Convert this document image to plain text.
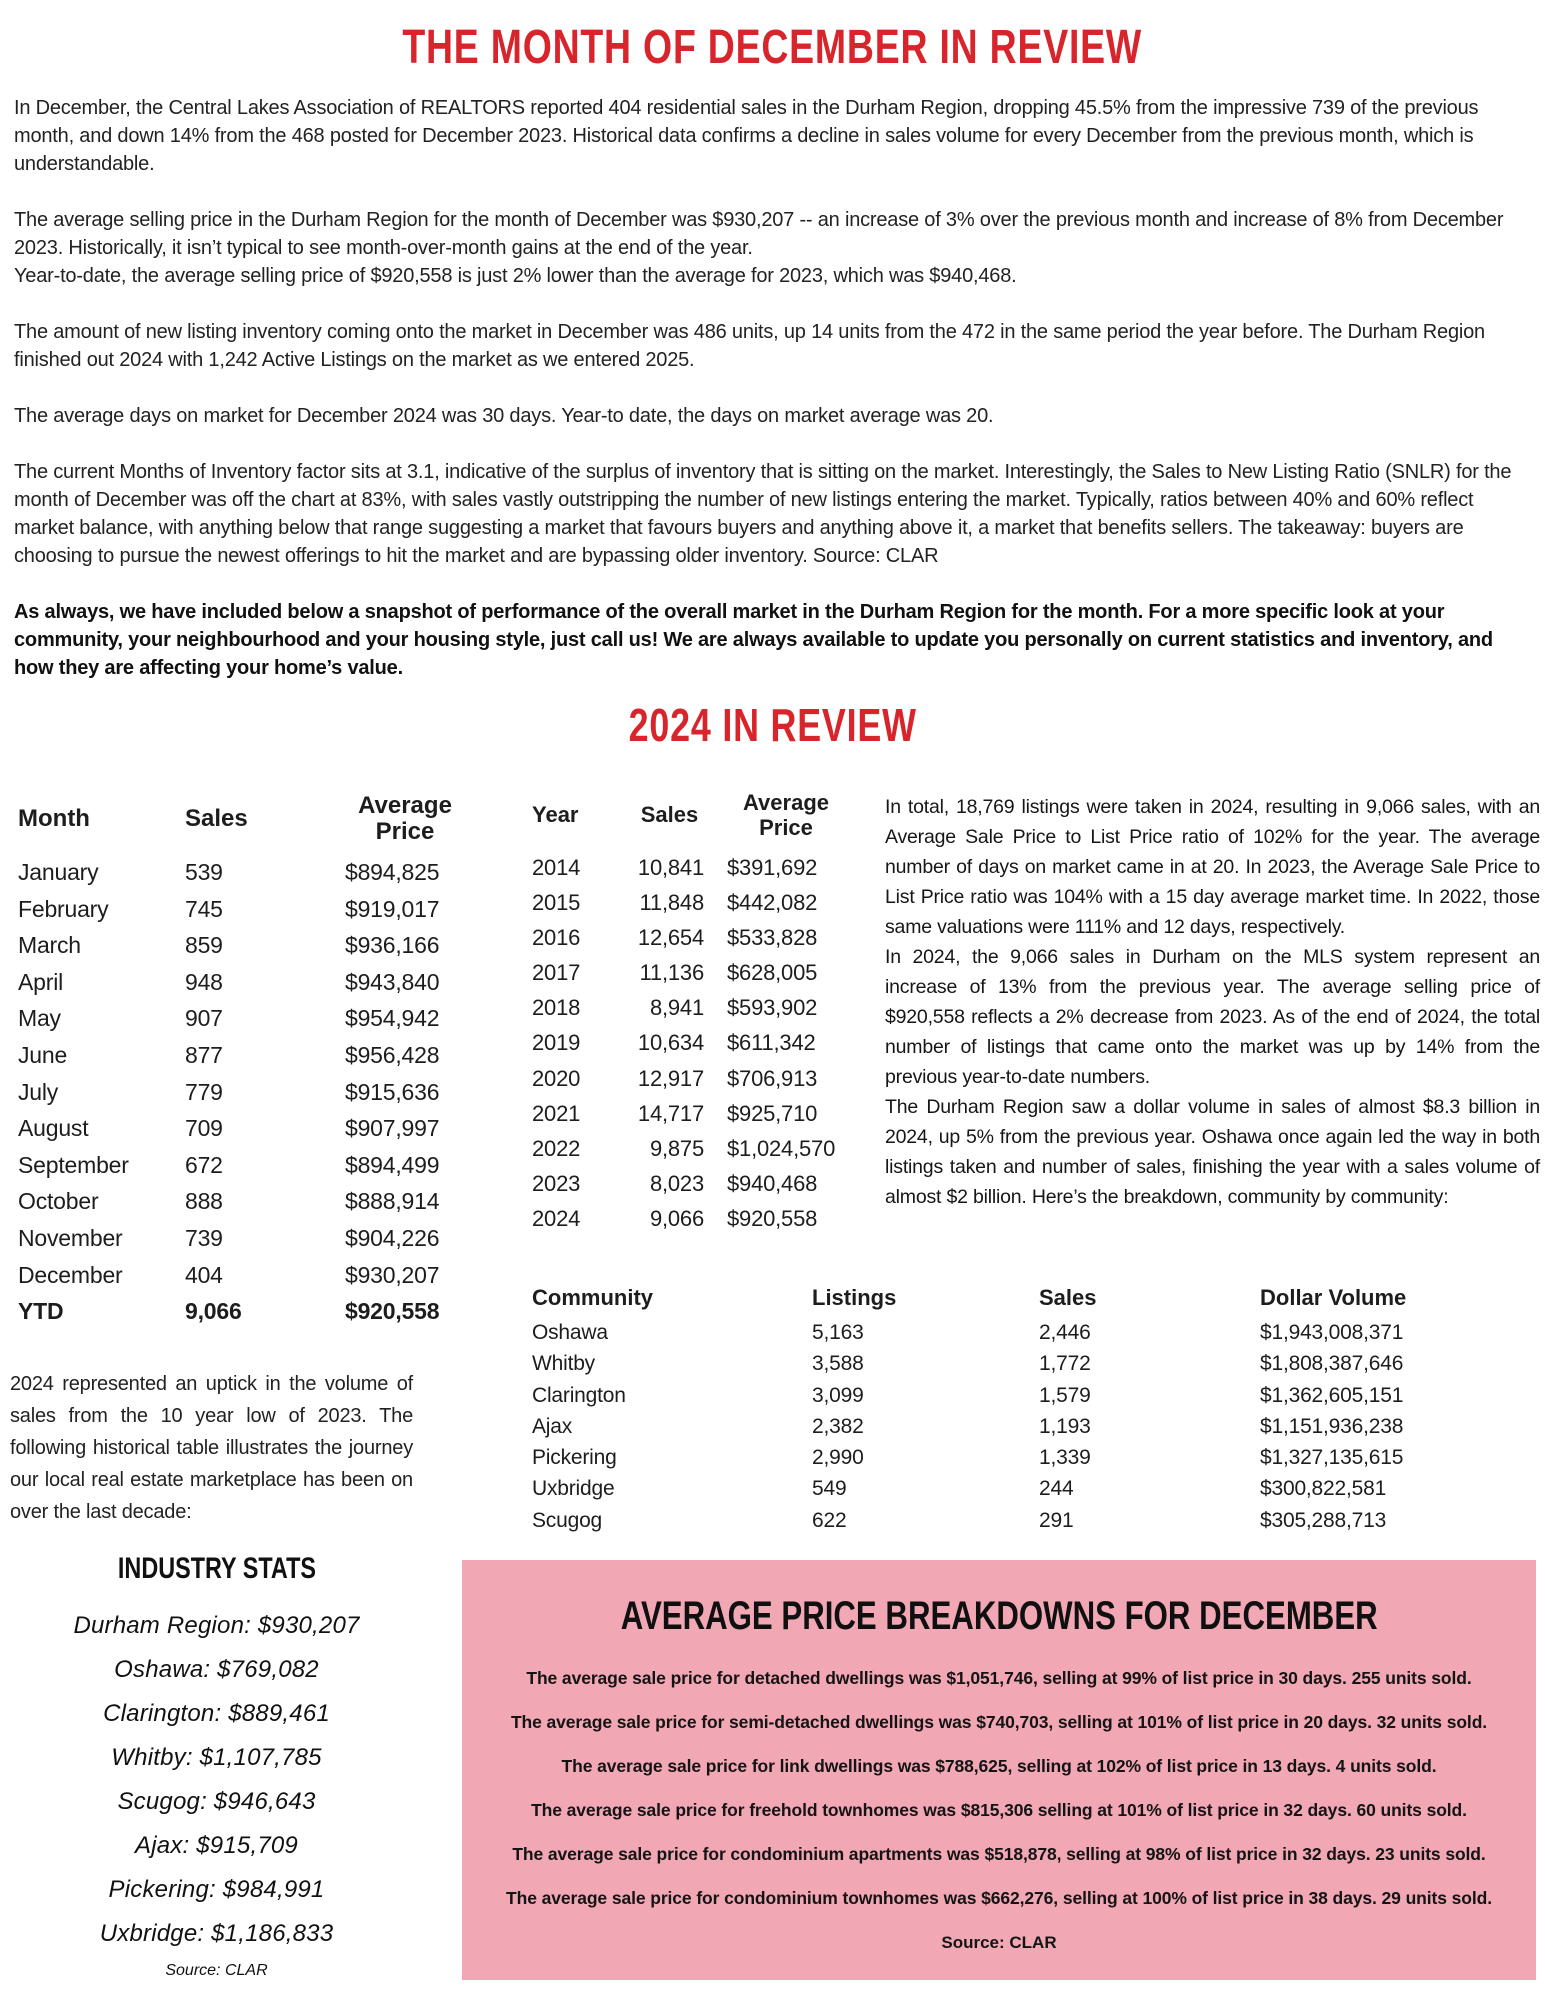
THE MONTH OF DECEMBER IN REVIEW

In December, the Central Lakes Association of REALTORS reported 404 residential sales in the Durham Region, dropping 45.5% from the impressive 739 of the previous month, and down 14% from the 468 posted for December 2023. Historical data confirms a decline in sales volume for every December from the previous month, which is understandable.

The average selling price in the Durham Region for the month of December was $930,207 -- an increase of 3% over the previous month and increase of 8% from December 2023. Historically, it isn’t typical to see month-over-month gains at the end of the year.
Year-to-date, the average selling price of $920,558 is just 2% lower than the average for 2023, which was $940,468.

The amount of new listing inventory coming onto the market in December was 486 units, up 14 units from the 472 in the same period the year before. The Durham Region finished out 2024 with 1,242 Active Listings on the market as we entered 2025.

The average days on market for December 2024 was 30 days. Year-to date, the days on market average was 20.

The current Months of Inventory factor sits at 3.1, indicative of the surplus of inventory that is sitting on the market. Interestingly, the Sales to New Listing Ratio (SNLR) for the month of December was off the chart at 83%, with sales vastly outstripping the number of new listings entering the market. Typically, ratios between 40% and 60% reflect market balance, with anything below that range suggesting a market that favours buyers and anything above it, a market that benefits sellers. The takeaway: buyers are choosing to pursue the newest offerings to hit the market and are bypassing older inventory. Source: CLAR

As always, we have included below a snapshot of performance of the overall market in the Durham Region for the month. For a more specific look at your community, your neighbourhood and your housing style, just call us! We are always available to update you personally on current statistics and inventory, and how they are affecting your home’s value.

2024 IN REVIEW
Month	Sales	Average Price
January	539	$894,825
February	745	$919,017
March	859	$936,166
April	948	$943,840
May	907	$954,942
June	877	$956,428
July	779	$915,636
August	709	$907,997
September	672	$894,499
October	888	$888,914
November	739	$904,226
December	404	$930,207
YTD	9,066	$920,558
Year	Sales	Average Price
2014	10,841	$391,692
2015	11,848	$442,082
2016	12,654	$533,828
2017	11,136	$628,005
2018	8,941	$593,902
2019	10,634	$611,342
2020	12,917	$706,913
2021	14,717	$925,710
2022	9,875	$1,024,570
2023	8,023	$940,468
2024	9,066	$920,558

In total, 18,769 listings were taken in 2024, resulting in 9,066 sales, with an Average Sale Price to List Price ratio of 102% for the year. The average number of days on market came in at 20. In 2023, the Average Sale Price to List Price ratio was 104% with a 15 day average market time. In 2022, those same valuations were 111% and 12 days, respectively.

In 2024, the 9,066 sales in Durham on the MLS system represent an increase of 13% from the previous year. The average selling price of $920,558 reflects a 2% decrease from 2023. As of the end of 2024, the total number of listings that came onto the market was up by 14% from the previous year-to-date numbers.

The Durham Region saw a dollar volume in sales of almost $8.3 billion in 2024, up 5% from the previous year. Oshawa once again led the way in both listings taken and number of sales, finishing the year with a sales volume of almost $2 billion. Here’s the breakdown, community by community:

Community	Listings	Sales	Dollar Volume
Oshawa	5,163	2,446	$1,943,008,371
Whitby	3,588	1,772	$1,808,387,646
Clarington	3,099	1,579	$1,362,605,151
Ajax	2,382	1,193	$1,151,936,238
Pickering	2,990	1,339	$1,327,135,615
Uxbridge	549	244	$300,822,581
Scugog	622	291	$305,288,713
2024 represented an uptick in the volume of sales from the 10 year low of 2023. The following historical table illustrates the journey our local real estate marketplace has been on over the last decade:
INDUSTRY STATS
Durham Region: $930,207
Oshawa: $769,082
Clarington: $889,461
Whitby: $1,107,785
Scugog: $946,643
Ajax: $915,709
Pickering: $984,991
Uxbridge: $1,186,833
Source: CLAR
AVERAGE PRICE BREAKDOWNS FOR DECEMBER
The average sale price for detached dwellings was $1,051,746, selling at 99% of list price in 30 days. 255 units sold.
The average sale price for semi-detached dwellings was $740,703, selling at 101% of list price in 20 days. 32 units sold.
The average sale price for link dwellings was $788,625, selling at 102% of list price in 13 days. 4 units sold.
The average sale price for freehold townhomes was $815,306 selling at 101% of list price in 32 days. 60 units sold.
The average sale price for condominium apartments was $518,878, selling at 98% of list price in 32 days. 23 units sold.
The average sale price for condominium townhomes was $662,276, selling at 100% of list price in 38 days. 29 units sold.
Source: CLAR
